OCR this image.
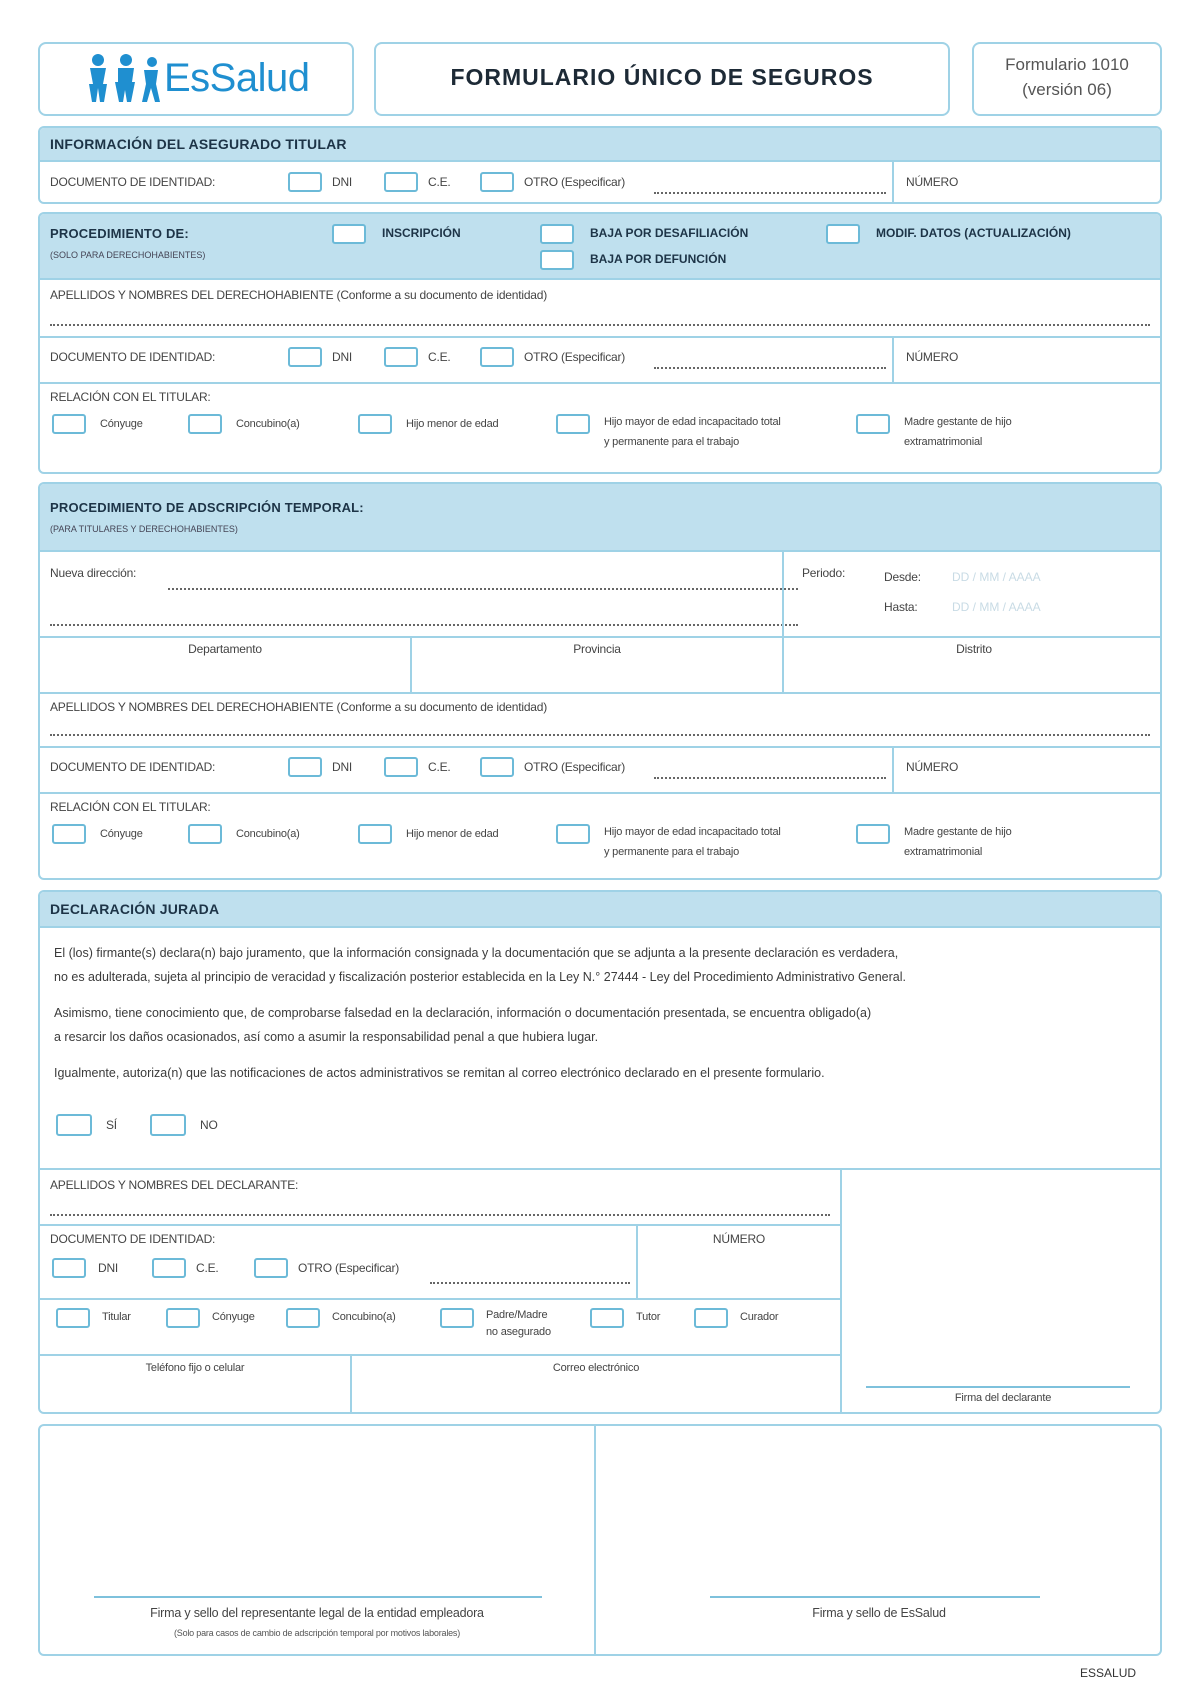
EsSalud	FORMULARIO ÚNICO DE SEGUROS	Formulario 1010
(versión 06)
INFORMACIÓN DEL ASEGURADO TITULAR
DOCUMENTO DE IDENTIDAD:	DNI	C.E.	OTRO (Especificar)	NÚMERO
PROCEDIMIENTO DE:
(SOLO PARA DERECHOHABIENTES)
INSCRIPCIÓN	BAJA POR DESAFILIACIÓN
BAJA POR DEFUNCIÓN
MODIF. DATOS (ACTUALIZACIÓN)
APELLIDOS Y NOMBRES DEL DERECHOHABIENTE (Conforme a su documento de identidad)
DOCUMENTO DE IDENTIDAD:	DNI	C.E.	OTRO (Especificar)	NÚMERO
RELACIÓN CON EL TITULAR:
Cónyuge	Concubino(a)	Hijo menor de edad	Hijo mayor de edad incapacitado total
y permanente para el trabajo
Madre gestante de hijo
extramatrimonial
PROCEDIMIENTO DE ADSCRIPCIÓN TEMPORAL:
(PARA TITULARES Y DERECHOHABIENTES)
Nueva dirección:	Periodo:	Desde:	DD / MM / AAAA
Hasta:	DD / MM / AAAA
Departamento	Provincia	Distrito
APELLIDOS Y NOMBRES DEL DERECHOHABIENTE (Conforme a su documento de identidad)
DOCUMENTO DE IDENTIDAD:	DNI	C.E.	OTRO (Especificar)	NÚMERO
RELACIÓN CON EL TITULAR:
Cónyuge	Concubino(a)	Hijo menor de edad	Hijo mayor de edad incapacitado total
y permanente para el trabajo
Madre gestante de hijo
extramatrimonial
DECLARACIÓN JURADA
El (los) firmante(s) declara(n) bajo juramento, que la información consignada y la documentación que se adjunta a la presente declaración es verdadera,
no es adulterada, sujeta al principio de veracidad y fiscalización posterior establecida en la Ley N.° 27444 - Ley del Procedimiento Administrativo General.
Asimismo, tiene conocimiento que, de comprobarse falsedad en la declaración, información o documentación presentada, se encuentra obligado(a)
a resarcir los daños ocasionados, así como a asumir la responsabilidad penal a que hubiera lugar.
Igualmente, autoriza(n) que las notificaciones de actos administrativos se remitan al correo electrónico declarado en el presente formulario.
SÍ	NO
APELLIDOS Y NOMBRES DEL DECLARANTE:
DOCUMENTO DE IDENTIDAD:
DNI	C.E.	OTRO (Especificar)
NÚMERO
Titular	Cónyuge	Concubino(a)	Padre/Madre
no asegurado
Tutor	Curador
Teléfono fijo o celular	Correo electrónico
Firma del declarante
Firma y sello del representante legal de la entidad empleadora
(Solo para casos de cambio de adscripción temporal por motivos laborales)
Firma y sello de EsSalud
ESSALUD
